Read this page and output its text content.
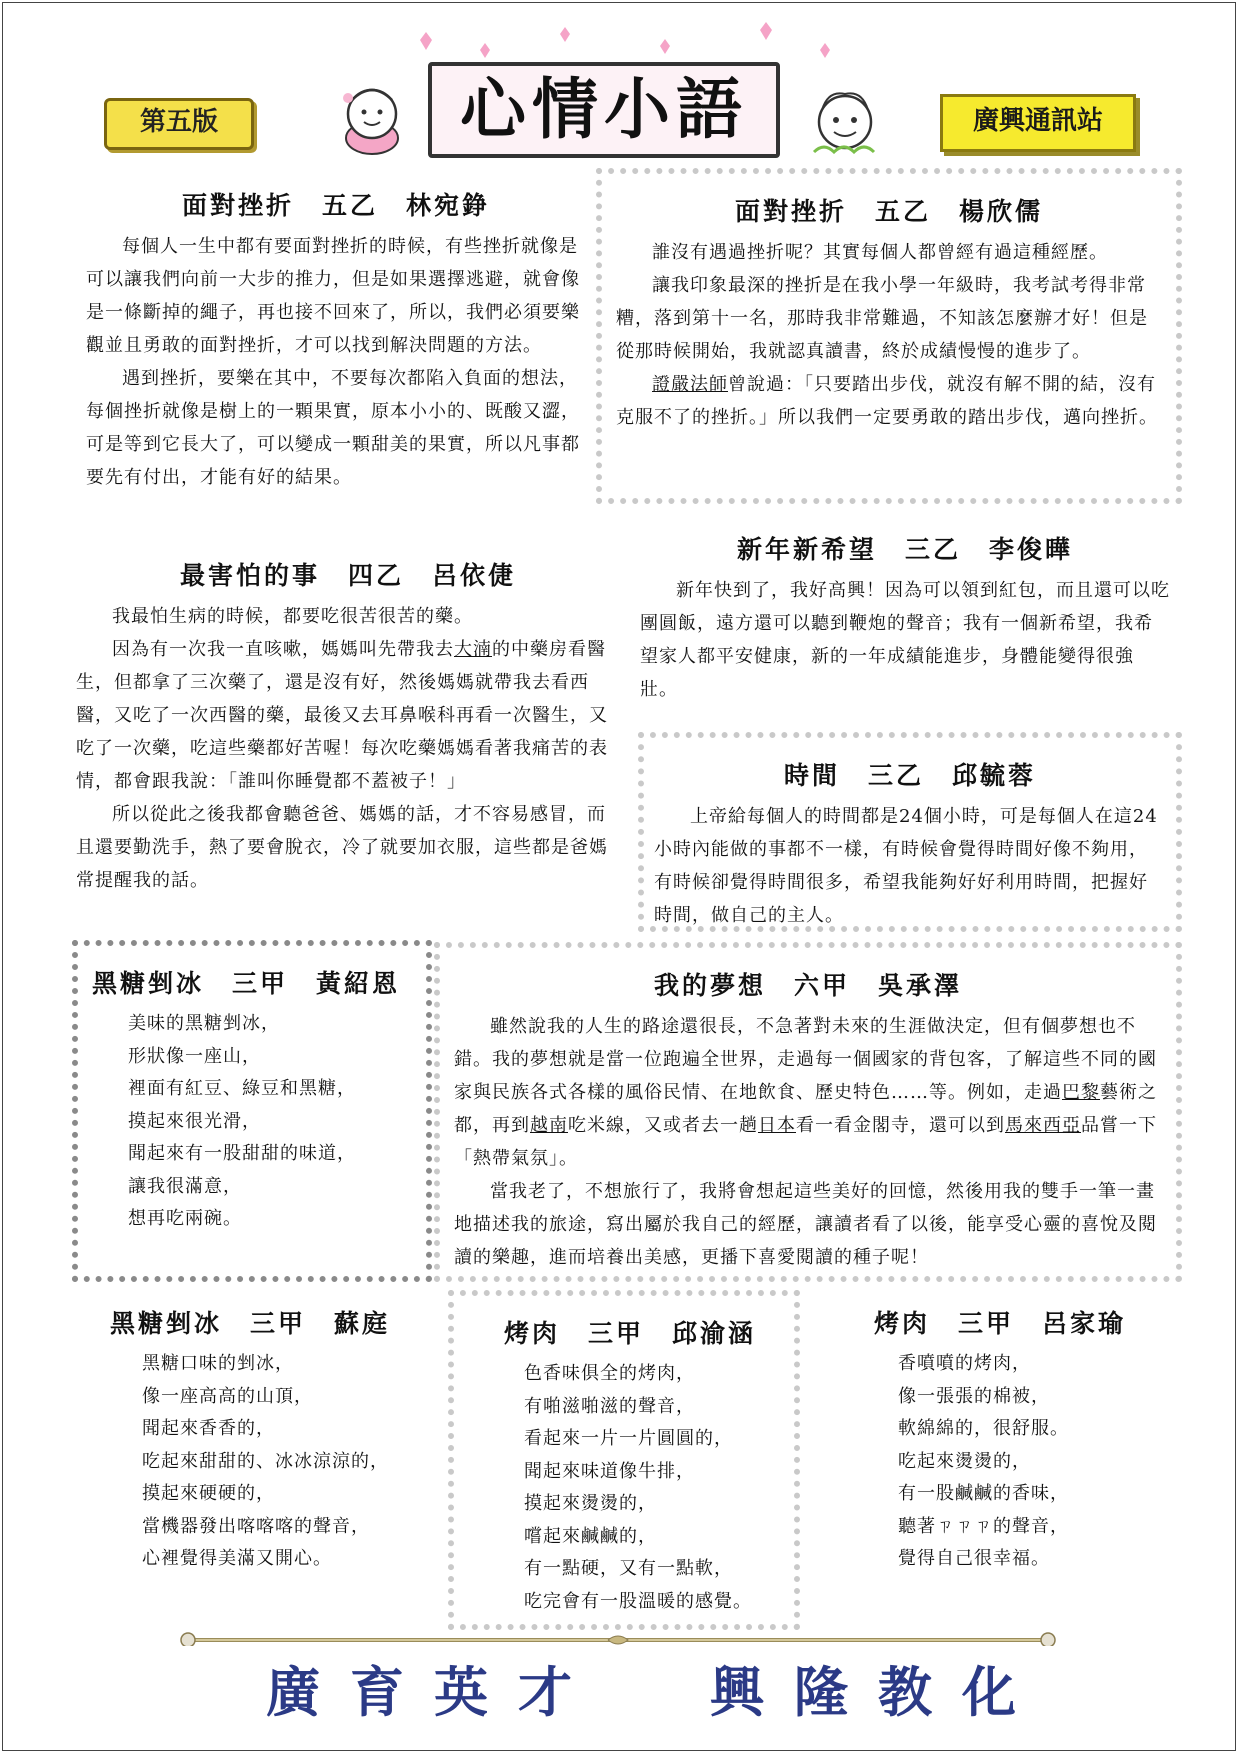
第五版	心情小語	廣興通訊站
面對挫折　五乙　林宛錚

每個人一生中都有要面對挫折的時候，有些挫折就像是可以讓我們向前一大步的推力，但是如果選擇逃避，就會像是一條斷掉的繩子，再也接不回來了，所以，我們必須要樂觀並且勇敢的面對挫折，才可以找到解決問題的方法。

遇到挫折，要樂在其中，不要每次都陷入負面的想法，每個挫折就像是樹上的一顆果實，原本小小的、既酸又澀，可是等到它長大了，可以變成一顆甜美的果實，所以凡事都要先有付出，才能有好的結果。

面對挫折　五乙　楊欣儒

誰沒有遇過挫折呢？其實每個人都曾經有過這種經歷。

讓我印象最深的挫折是在我小學一年級時，我考試考得非常糟，落到第十一名，那時我非常難過，不知該怎麼辦才好！但是從那時候開始，我就認真讀書，終於成績慢慢的進步了。

證嚴法師曾說過：「只要踏出步伐，就沒有解不開的結，沒有克服不了的挫折。」所以我們一定要勇敢的踏出步伐，邁向挫折。

最害怕的事　四乙　呂依倢

我最怕生病的時候，都要吃很苦很苦的藥。

因為有一次我一直咳嗽，媽媽叫先帶我去大湳的中藥房看醫生，但都拿了三次藥了，還是沒有好，然後媽媽就帶我去看西醫，又吃了一次西醫的藥，最後又去耳鼻喉科再看一次醫生，又吃了一次藥，吃這些藥都好苦喔！每次吃藥媽媽看著我痛苦的表情，都會跟我說：「誰叫你睡覺都不蓋被子！」

所以從此之後我都會聽爸爸、媽媽的話，才不容易感冒，而且還要勤洗手，熱了要會脫衣，冷了就要加衣服，這些都是爸媽常提醒我的話。

新年新希望　三乙　李俊曄

新年快到了，我好高興！因為可以領到紅包，而且還可以吃團圓飯，遠方還可以聽到鞭炮的聲音；我有一個新希望，我希望家人都平安健康，新的一年成績能進步，身體能變得很強壯。

時間　三乙　邱毓蓉

上帝給每個人的時間都是24個小時，可是每個人在這24小時內能做的事都不一樣，有時候會覺得時間好像不夠用，有時候卻覺得時間很多，希望我能夠好好利用時間，把握好時間，做自己的主人。

黑糖剉冰　三甲　黃紹恩

美味的黑糖剉冰，

形狀像一座山，

裡面有紅豆、綠豆和黑糖，

摸起來很光滑，

聞起來有一股甜甜的味道，

讓我很滿意，

想再吃兩碗。

我的夢想　六甲　吳承澤

雖然說我的人生的路途還很長，不急著對未來的生涯做決定，但有個夢想也不錯。我的夢想就是當一位跑遍全世界，走過每一個國家的背包客，了解這些不同的國家與民族各式各樣的風俗民情、在地飲食、歷史特色……等。例如，走過巴黎藝術之都，再到越南吃米線，又或者去一趟日本看一看金閣寺，還可以到馬來西亞品嘗一下「熱帶氣氛」。

當我老了，不想旅行了，我將會想起這些美好的回憶，然後用我的雙手一筆一畫地描述我的旅途，寫出屬於我自己的經歷，讓讀者看了以後，能享受心靈的喜悅及閱讀的樂趣，進而培養出美感，更播下喜愛閱讀的種子呢！

黑糖剉冰　三甲　蘇庭

黑糖口味的剉冰，

像一座高高的山頂，

聞起來香香的，

吃起來甜甜的、冰冰涼涼的，

摸起來硬硬的，

當機器發出喀喀喀的聲音，

心裡覺得美滿又開心。

烤肉　三甲　邱渝涵

色香味俱全的烤肉，

有啪滋啪滋的聲音，

看起來一片一片圓圓的，

聞起來味道像牛排，

摸起來燙燙的，

嚐起來鹹鹹的，

有一點硬，又有一點軟，

吃完會有一股溫暖的感覺。

烤肉　三甲　呂家瑜

香噴噴的烤肉，

像一張張的棉被，

軟綿綿的，很舒服。

吃起來燙燙的，

有一股鹹鹹的香味，

聽著ㄗㄗㄗ的聲音，

覺得自己很幸福。

廣育英才 興隆教化
